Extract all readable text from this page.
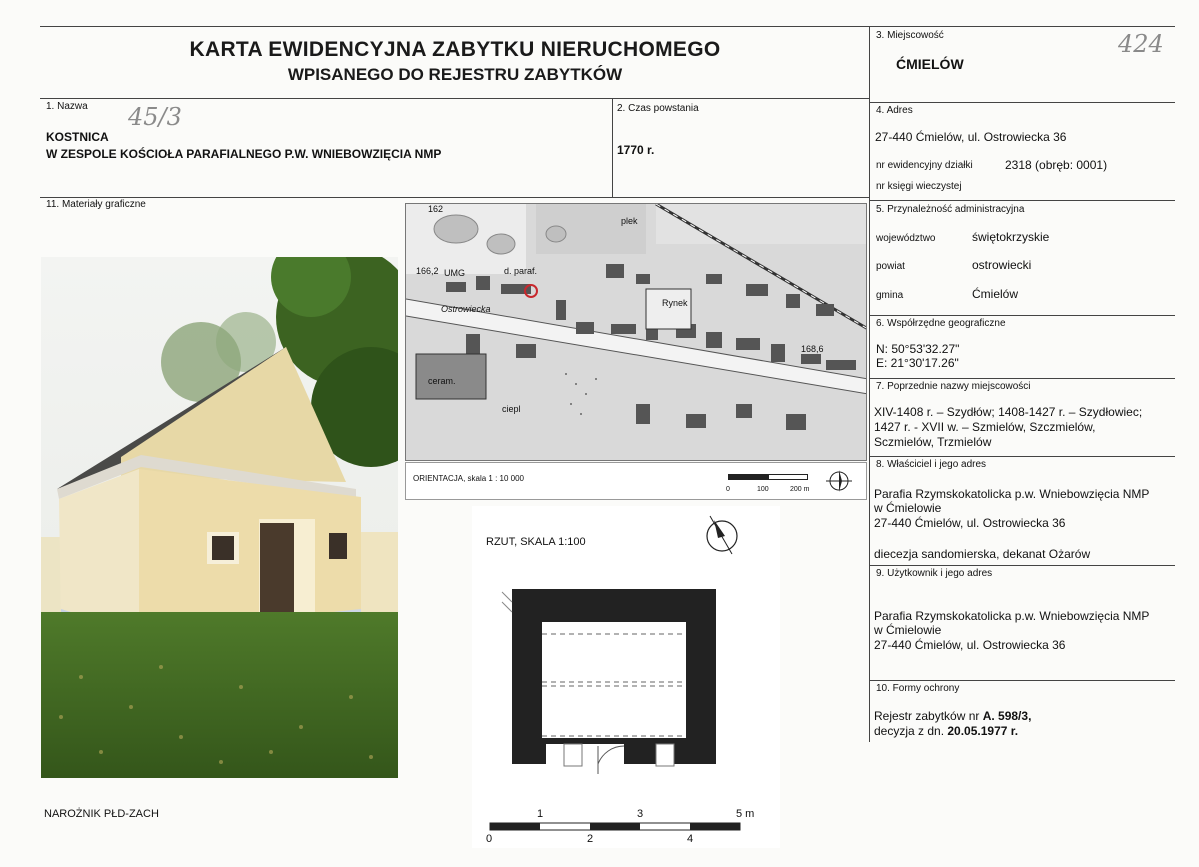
KARTA EWIDENCYJNA ZABYTKU NIERUCHOMEGO
WPISANEGO DO REJESTRU ZABYTKÓW
3. Miejscowość	424
ĆMIELÓW
1. Nazwa 45/3
KOSTNICA
W ZESPOLE KOŚCIOŁA PARAFIALNEGO P.W. WNIEBOWZIĘCIA NMP
2. Czas powstania
1770 r.
4. Adres
27-440 Ćmielów, ul. Ostrowiecka 36
nr ewidencyjny działki	2318 (obręb: 0001)
nr księgi wieczystej
11. Materiały graficzne
NAROŻNIK PŁD-ZACH
d. paraf.
Rynek
ceram.
ciepl
166,2
168,6
162
Ostrowiecka
plek
UMG
ORIENTACJA, skala 1 : 10 000
0	100	200 m
RZUT, SKALA 1:100
1	3	5 m
0	2	4
5. Przynależność administracyjna
województwo	świętokrzyskie
powiat	ostrowiecki
gmina	Ćmielów
6. Współrzędne geograficzne
N: 50°53'32.27"
E: 21°30'17.26"
7. Poprzednie nazwy miejscowości
XIV-1408 r. – Szydłów; 1408-1427 r. – Szydłowiec;
1427 r. - XVII w. – Szmielów, Szczmielów,
Sczmielów, Trzmielów
8. Właściciel i jego adres
Parafia Rzymskokatolicka p.w. Wniebowzięcia NMP
w Ćmielowie
27-440 Ćmielów, ul. Ostrowiecka 36
diecezja sandomierska, dekanat Ożarów
9. Użytkownik i jego adres
Parafia Rzymskokatolicka p.w. Wniebowzięcia NMP
w Ćmielowie
27-440 Ćmielów, ul. Ostrowiecka 36
10. Formy ochrony
Rejestr zabytków nr A. 598/3,
decyzja z dn. 20.05.1977 r.
